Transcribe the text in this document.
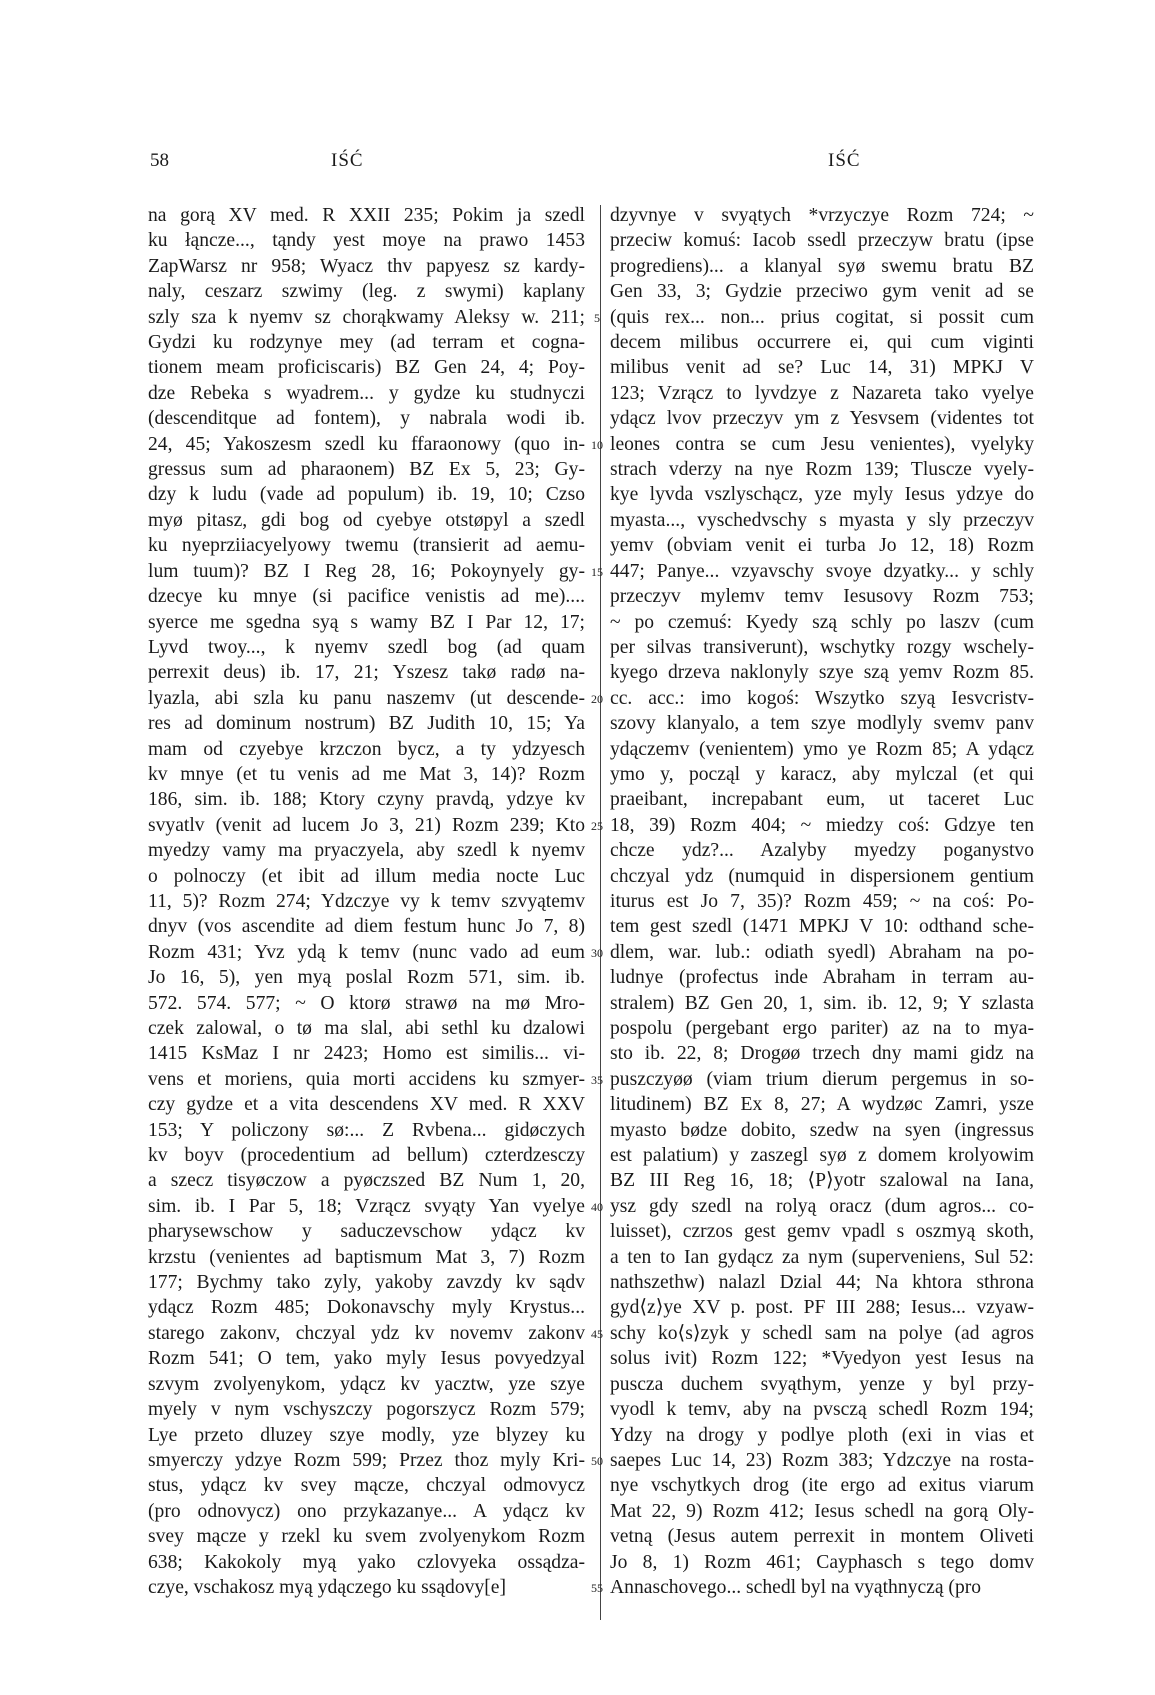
58	IŚĆ	IŚĆ
na gorą XV med. R XXII 235; Pokim ja szedl
ku łąncze..., tąndy yest moye na prawo 1453
ZapWarsz nr 958; Wyacz thv papyesz sz kardy-
naly, ceszarz szwimy (leg. z swymi) kaplany
szly sza k nyemv sz chorąkwamy Aleksy w. 211;
Gydzi ku rodzynye mey (ad terram et cogna-
tionem meam proficiscaris) BZ Gen 24, 4; Poy-
dze Rebeka s wyadrem... y gydze ku studnyczi
(descenditque ad fontem), y nabrala wodi ib.
24, 45; Yakoszesm szedl ku ffaraonowy (quo in-
gressus sum ad pharaonem) BZ Ex 5, 23; Gy-
dzy k ludu (vade ad populum) ib. 19, 10; Czso
myø pitasz, gdi bog od cyebye otstøpyl a szedl
ku nyeprziiacyelyowy twemu (transierit ad aemu-
lum tuum)? BZ I Reg 28, 16; Pokoynyely gy-
dzecye ku mnye (si pacifice venistis ad me)....
syerce me sgedna syą s wamy BZ I Par 12, 17;
Lyvd twoy..., k nyemv szedl bog (ad quam
perrexit deus) ib. 17, 21; Yszesz takø radø na-
lyazla, abi szla ku panu naszemv (ut descende-
res ad dominum nostrum) BZ Judith 10, 15; Ya
mam od czyebye krzczon bycz, a ty ydzyesch
kv mnye (et tu venis ad me Mat 3, 14)? Rozm
186, sim. ib. 188; Ktory czyny pravdą, ydzye kv
svyatlv (venit ad lucem Jo 3, 21) Rozm 239; Kto
myedzy vamy ma pryaczyela, aby szedl k nyemv
o polnoczy (et ibit ad illum media nocte Luc
11, 5)? Rozm 274; Ydzczye vy k temv szvyątemv
dnyv (vos ascendite ad diem festum hunc Jo 7, 8)
Rozm 431; Yvz ydą k temv (nunc vado ad eum
Jo 16, 5), yen myą poslal Rozm 571, sim. ib.
572. 574. 577; ~ O ktorø strawø na mø Mro-
czek zalowal, o tø ma slal, abi sethl ku dzalowi
1415 KsMaz I nr 2423; Homo est similis... vi-
vens et moriens, quia morti accidens ku szmyer-
czy gydze et a vita descendens XV med. R XXV
153; Y policzony sø:... Z Rvbena... gidøczych
kv boyv (procedentium ad bellum) czterdzesczy
a szecz tisyøczow a pyøczszed BZ Num 1, 20,
sim. ib. I Par 5, 18; Vzrącz svyąty Yan vyelye
pharysewschow y saduczevschow ydącz kv
krzstu (venientes ad baptismum Mat 3, 7) Rozm
177; Bychmy tako zyly, yakoby zavzdy kv sądv
ydącz Rozm 485; Dokonavschy myly Krystus...
starego zakonv, chczyal ydz kv novemv zakonv
Rozm 541; O tem, yako myly Iesus povyedzyal
szvym zvolyenykom, ydącz kv yacztw, yze szye
myely v nym vschyszczy pogorszycz Rozm 579;
Lye przeto dluzey szye modly, yze blyzey ku
smyerczy ydzye Rozm 599; Przez thoz myly Kri-
stus, ydącz kv svey mącze, chczyal odmovycz
(pro odnovycz) ono przykazanye... A ydącz kv
svey mącze y rzekl ku svem zvolyenykom Rozm
638; Kakokoly myą yako czlovyeka ossądza-
czye, vschakosz myą ydączego ku ssądovy[e]
5
10
15
20
25
30
35
40
45
50
55
dzyvnye v svyątych *vrzyczye Rozm 724; ~
przeciw komuś: Iacob ssedl przeczyw bratu (ipse
progrediens)... a klanyal syø swemu bratu BZ
Gen 33, 3; Gydzie przeciwo gym venit ad se
(quis rex... non... prius cogitat, si possit cum
decem milibus occurrere ei, qui cum viginti
milibus venit ad se? Luc 14, 31) MPKJ V
123; Vzrącz to lyvdzye z Nazareta tako vyelye
ydącz lvov przeczyv ym z Yesvsem (videntes tot
leones contra se cum Jesu venientes), vyelyky
strach vderzy na nye Rozm 139; Tlusсze vyely-
kye lyvda vszlyschącz, yze myly Iesus ydzye do
myasta..., vyschedvschy s myasta y sly przeczyv
yemv (obviam venit ei turba Jo 12, 18) Rozm
447; Panye... vzyavschy svoye dzyatky... y schly
przeczyv mylemv temv Iesusovy Rozm 753;
~ po czemuś: Kyedy szą schly po laszv (cum
per silvas transiverunt), wschytky rozgy wschely-
kyego drzeva naklonyly szye szą yemv Rozm 85.
cc. acc.: imo kogoś: Wszytko szyą Iesvcristv-
szovy klanyalo, a tem szye modlyly svemv panv
ydączemv (venientem) ymo ye Rozm 85; A ydącz
ymo y, począl y karacz, aby mylczal (et qui
praeibant, increpabant eum, ut taceret Luc
18, 39) Rozm 404; ~ miedzy coś: Gdzye ten
chcze ydz?... Azalyby myedzy poganystvo
chczyal ydz (numquid in dispersionem gentium
iturus est Jo 7, 35)? Rozm 459; ~ na coś: Po-
tem gest szedl (1471 MPKJ V 10: odthand sche-
dlem, war. lub.: odiath syedl) Abraham na po-
ludnye (profectus inde Abraham in terram au-
stralem) BZ Gen 20, 1, sim. ib. 12, 9; Y szlasta
pospolu (pergebant ergo pariter) az na to mya-
sto ib. 22, 8; Drogøø trzech dny mami gidz na
puszczyøø (viam trium dierum pergemus in so-
litudinem) BZ Ex 8, 27; A wydzøc Zamri, ysze
myasto bødze dobito, szedw na syen (ingressus
est palatium) y zaszegl syø z domem krolyowim
BZ III Reg 16, 18; ⟨P⟩yotr szalowal na Iana,
ysz gdy szedl na rolyą oracz (dum agros... co-
luisset), czrzos gest gemv vpadl s oszmyą skoth,
a ten to Ian gydącz za nym (superveniens, Sul 52:
nathszethw) nalazl Dzial 44; Na khtora sthrona
gyd⟨z⟩ye XV p. post. PF III 288; Iesus... vzyaw-
schy ko⟨s⟩zyk y schedl sam na polye (ad agros
solus ivit) Rozm 122; *Vyedyon yest Iesus na
puscza duchem svyąthym, yenze y byl przy-
vyodl k temv, aby na pvsczą schedl Rozm 194;
Ydzy na drogy y podlye ploth (exi in vias et
saepes Luc 14, 23) Rozm 383; Ydzczye na rosta-
nye vschytkych drog (ite ergo ad exitus viarum
Mat 22, 9) Rozm 412; Iesus schedl na gorą Oly-
vetną (Jesus autem perrexit in montem Oliveti
Jo 8, 1) Rozm 461; Cayphasch s tego domv
Annaschovego... schedl byl na vyąthnyczą (pro
